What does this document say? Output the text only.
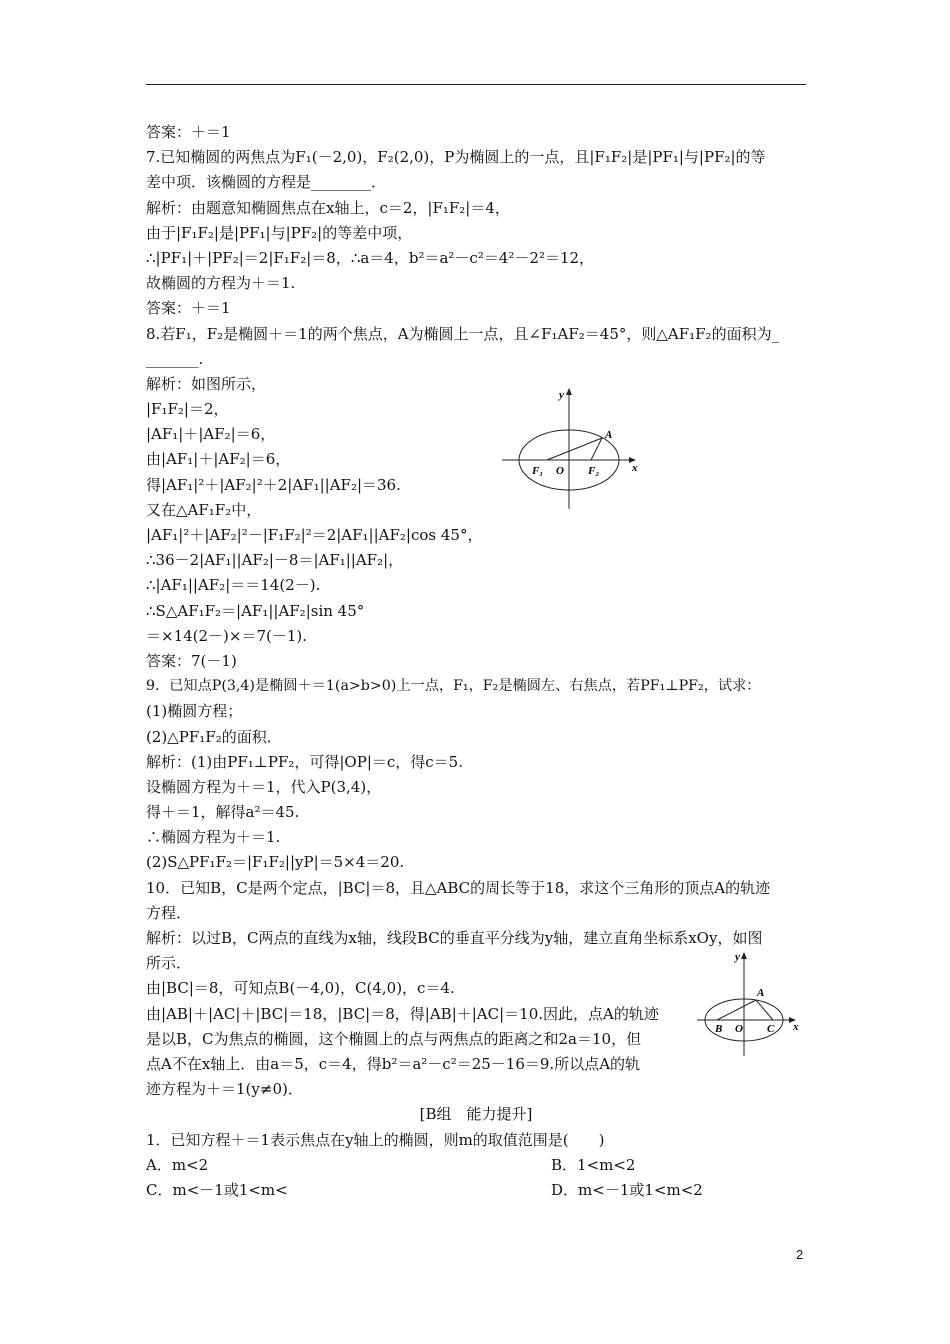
答案：＋＝1
7.已知椭圆的两焦点为F₁(－2,0)，F₂(2,0)，P为椭圆上的一点，且|F₁F₂|是|PF₁|与|PF₂|的等
差中项．该椭圆的方程是________．
解析：由题意知椭圆焦点在x轴上，c＝2，|F₁F₂|＝4，
由于|F₁F₂|是|PF₁|与|PF₂|的等差中项，
∴|PF₁|＋|PF₂|＝2|F₁F₂|＝8，∴a＝4，b²＝a²－c²＝4²－2²＝12，
故椭圆的方程为＋＝1.
答案：＋＝1
8.若F₁，F₂是椭圆＋＝1的两个焦点，A为椭圆上一点，且∠F₁AF₂＝45°，则△AF₁F₂的面积为_
_______.
解析：如图所示，
|F₁F₂|＝2，
|AF₁|＋|AF₂|＝6，
由|AF₁|＋|AF₂|＝6，
得|AF₁|²＋|AF₂|²＋2|AF₁||AF₂|＝36.
又在△AF₁F₂中，
|AF₁|²＋|AF₂|²－|F₁F₂|²＝2|AF₁||AF₂|cos 45°，
∴36－2|AF₁||AF₂|－8＝|AF₁||AF₂|，
∴|AF₁||AF₂|＝＝14(2－).
∴S△AF₁F₂＝|AF₁||AF₂|sin 45°
＝×14(2－)×＝7(－1).
答案：7(－1)
9．已知点P(3,4)是椭圆＋＝1(a>b>0)上一点，F₁，F₂是椭圆左、右焦点，若PF₁⊥PF₂，试求：
(1)椭圆方程；
(2)△PF₁F₂的面积．
解析：(1)由PF₁⊥PF₂，可得|OP|＝c，得c＝5.
设椭圆方程为＋＝1，代入P(3,4)，
得＋＝1，解得a²＝45.
∴椭圆方程为＋＝1.
(2)S△PF₁F₂＝|F₁F₂||yP|＝5×4＝20.
10．已知B，C是两个定点，|BC|＝8，且△ABC的周长等于18，求这个三角形的顶点A的轨迹
方程．
解析：以过B，C两点的直线为x轴，线段BC的垂直平分线为y轴，建立直角坐标系xOy，如图
所示．
由|BC|＝8，可知点B(－4,0)，C(4,0)，c＝4.
由|AB|＋|AC|＋|BC|＝18，|BC|＝8，得|AB|＋|AC|＝10.因此，点A的轨迹
是以B，C为焦点的椭圆，这个椭圆上的点与两焦点的距离之和2a＝10，但
点A不在x轴上．由a＝5，c＝4，得b²＝a²－c²＝25－16＝9.所以点A的轨
迹方程为＋＝1(y≠0)．
[B组　能力提升]
1．已知方程＋＝1表示焦点在y轴上的椭圆，则m的取值范围是(　　)
A．m<2	B．1<m<2
C．m<－1或1<m<	D．m<－1或1<m<2
y
x
A
F₁ O F₂
y
x
A
B O C
2
